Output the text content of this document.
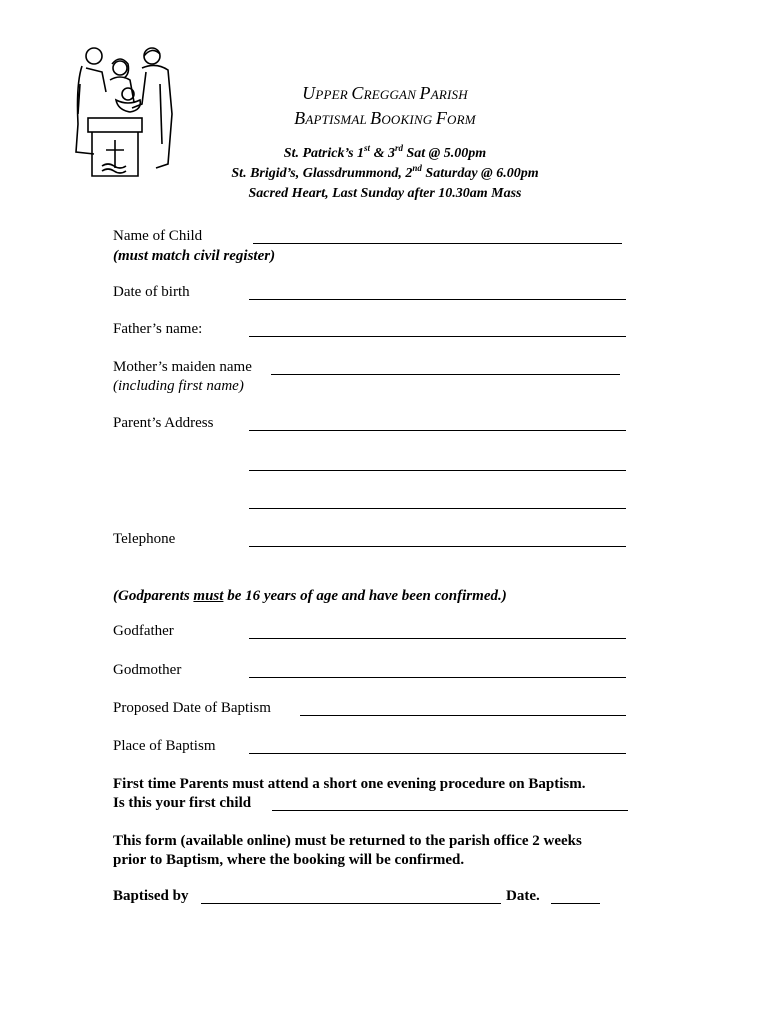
UPPER CREGGAN PARISH
BAPTISMAL BOOKING FORM
St. Patrick’s 1st & 3rd Sat @ 5.00pm
St. Brigid’s, Glassdrummond, 2nd Saturday @ 6.00pm
Sacred Heart, Last Sunday after 10.30am Mass
Name of Child
(must match civil register)
Date of birth
Father’s name:
Mother’s maiden name
(including first name)
Parent’s Address
Telephone
(Godparents must be 16 years of age and have been confirmed.)
Godfather
Godmother
Proposed Date of Baptism
Place of Baptism
First time Parents must attend a short one evening procedure on Baptism.
Is this your first child
This form (available online) must be returned to the parish office 2 weeks
prior to Baptism, where the booking will be confirmed.
Baptised by	Date.
